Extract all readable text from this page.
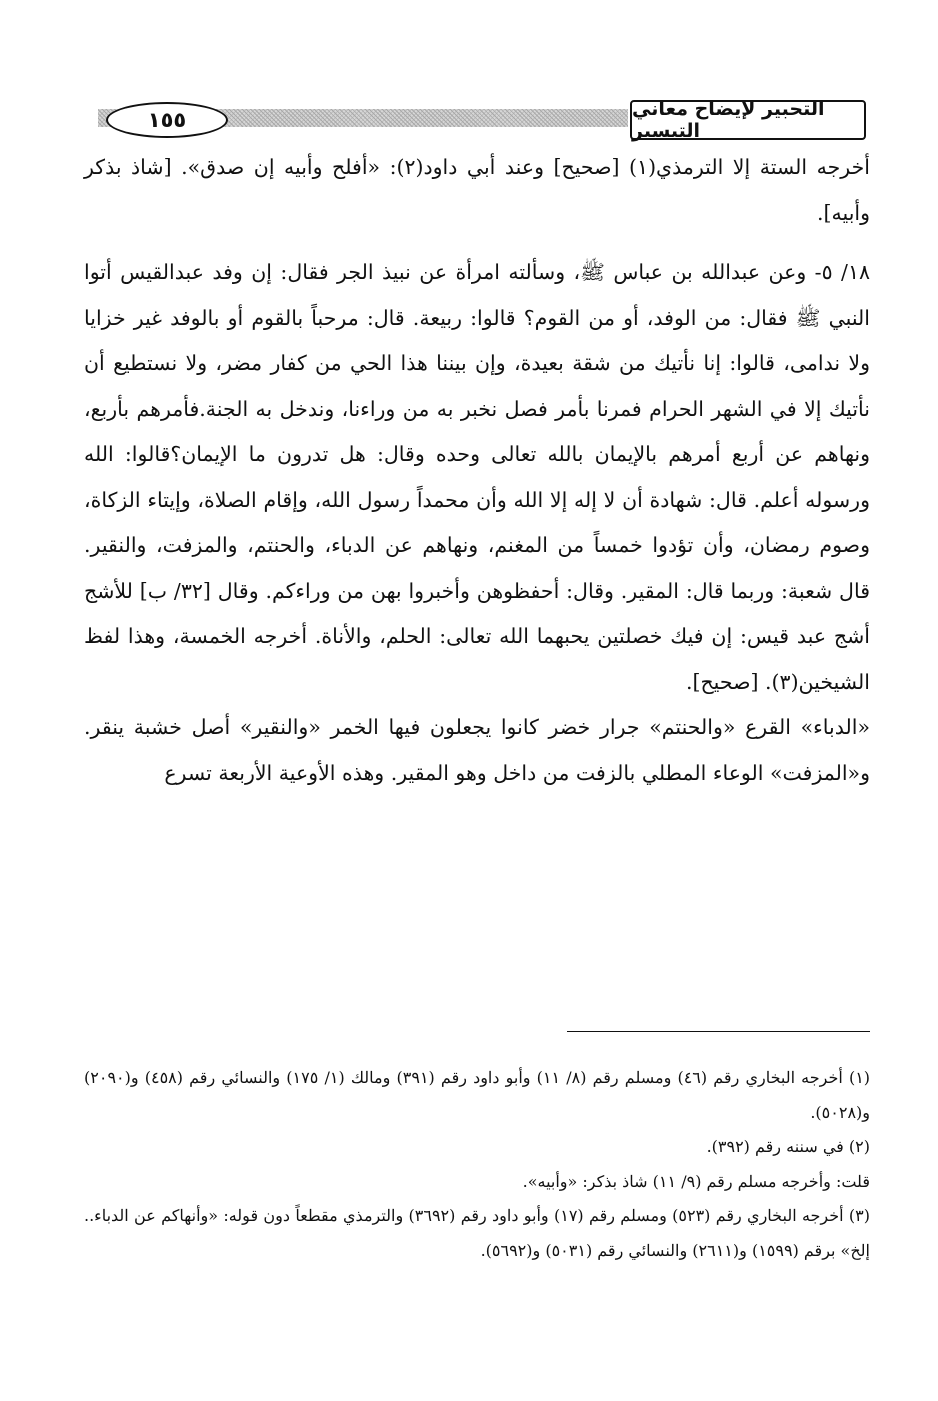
١٥٥	التحبير لإيضاح معاني التيسير

أخرجه الستة إلا الترمذي(١) [صحيح] وعند أبي داود(٢): «أفلح وأبيه إن صدق». [شاذ بذكر وأبيه].

١٨/ ٥- وعن عبدالله بن عباس ﷺ، وسألته امرأة عن نبيذ الجر فقال: إن وفد عبدالقيس أتوا النبي ﷺ فقال: من الوفد، أو من القوم؟ قالوا: ربيعة. قال: مرحباً بالقوم أو بالوفد غير خزايا ولا ندامى، قالوا: إنا نأتيك من شقة بعيدة، وإن بيننا هذا الحي من كفار مضر، ولا نستطيع أن نأتيك إلا في الشهر الحرام فمرنا بأمر فصل نخبر به من وراءنا، وندخل به الجنة.فأمرهم بأربع، ونهاهم عن أربع أمرهم بالإيمان بالله تعالى وحده وقال: هل تدرون ما الإيمان؟قالوا: الله ورسوله أعلم. قال: شهادة أن لا إله إلا الله وأن محمداً رسول الله، وإقام الصلاة، وإيتاء الزكاة، وصوم رمضان، وأن تؤدوا خمساً من المغنم، ونهاهم عن الدباء، والحنتم، والمزفت، والنقير. قال شعبة: وربما قال: المقير. وقال: أحفظوهن وأخبروا بهن من وراءكم. وقال [٣٢/ ب] للأشج أشج عبد قيس: إن فيك خصلتين يحبهما الله تعالى: الحلم، والأناة. أخرجه الخمسة، وهذا لفظ الشيخين(٣). [صحيح].

«الدباء» القرع «والحنتم» جرار خضر كانوا يجعلون فيها الخمر «والنقير» أصل خشبة ينقر. و«المزفت» الوعاء المطلي بالزفت من داخل وهو المقير. وهذه الأوعية الأربعة تسرع

(١) أخرجه البخاري رقم (٤٦) ومسلم رقم (٨/ ١١) وأبو داود رقم (٣٩١) ومالك (١/ ١٧٥) والنسائي رقم (٤٥٨) و(٢٠٩٠) و(٥٠٢٨).

(٢) في سننه رقم (٣٩٢).

قلت: وأخرجه مسلم رقم (٩/ ١١) شاذ بذكر: «وأبيه».

(٣) أخرجه البخاري رقم (٥٢٣) ومسلم رقم (١٧) وأبو داود رقم (٣٦٩٢) والترمذي مقطعاً دون قوله: «وأنهاكم عن الدباء.. إلخ» برقم (١٥٩٩) و(٢٦١١) والنسائي رقم (٥٠٣١) و(٥٦٩٢).
